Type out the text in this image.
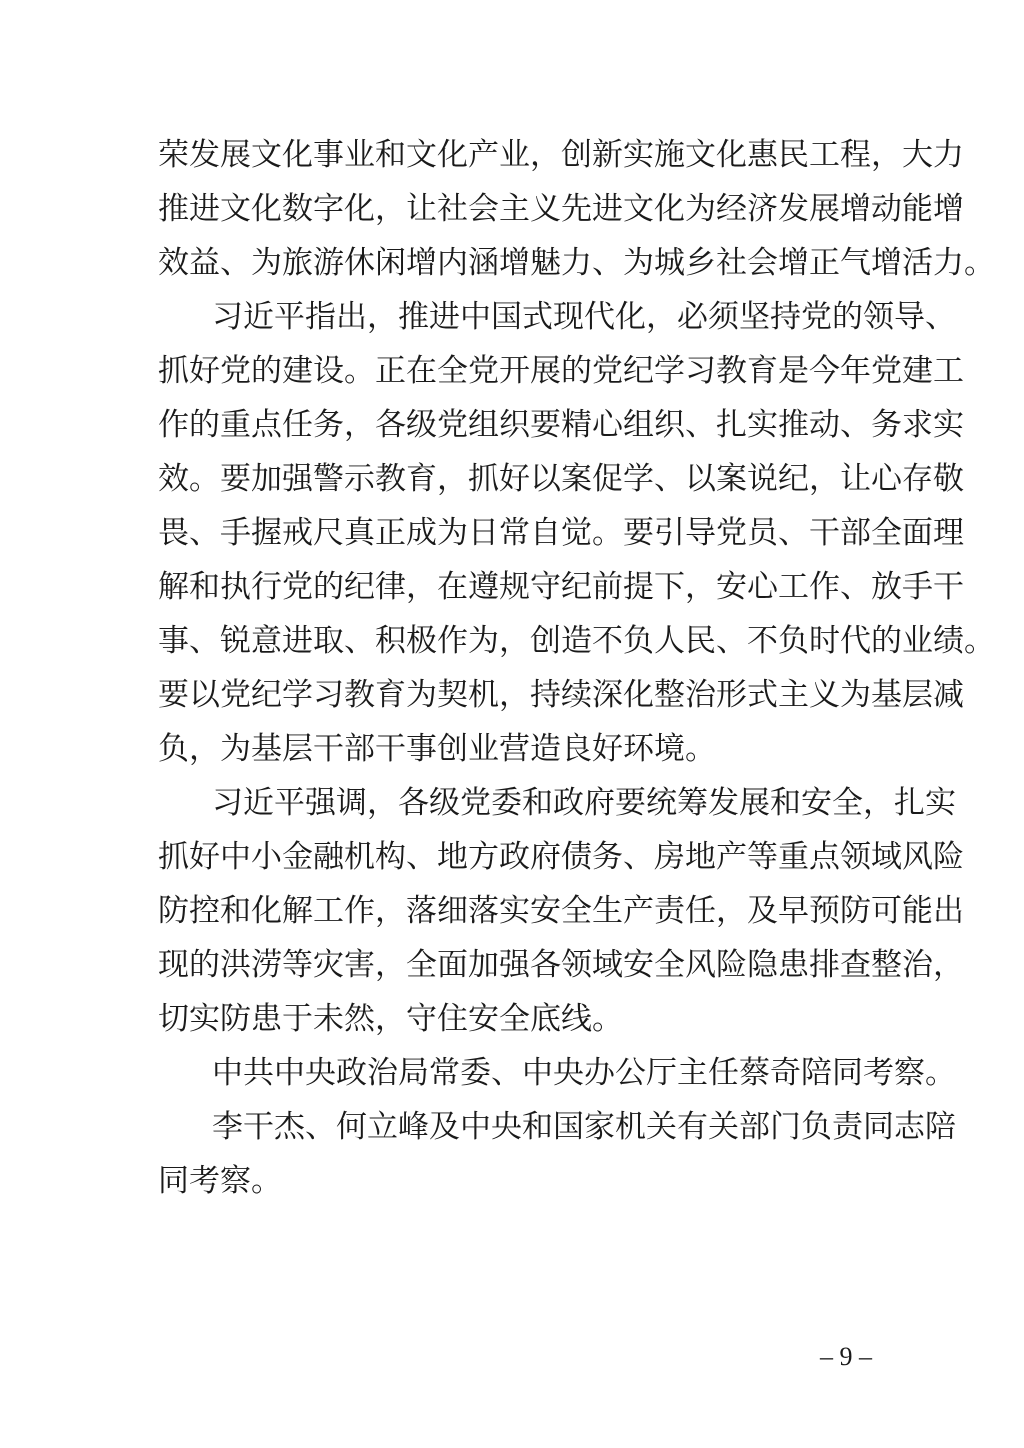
荣发展文化事业和文化产业，创新实施文化惠民工程，大力
推进文化数字化，让社会主义先进文化为经济发展增动能增
效益、为旅游休闲增内涵增魅力、为城乡社会增正气增活力。
习近平指出，推进中国式现代化，必须坚持党的领导、
抓好党的建设。正在全党开展的党纪学习教育是今年党建工
作的重点任务，各级党组织要精心组织、扎实推动、务求实
效。要加强警示教育，抓好以案促学、以案说纪，让心存敬
畏、手握戒尺真正成为日常自觉。要引导党员、干部全面理
解和执行党的纪律，在遵规守纪前提下，安心工作、放手干
事、锐意进取、积极作为，创造不负人民、不负时代的业绩。
要以党纪学习教育为契机，持续深化整治形式主义为基层减
负，为基层干部干事创业营造良好环境。
习近平强调，各级党委和政府要统筹发展和安全，扎实
抓好中小金融机构、地方政府债务、房地产等重点领域风险
防控和化解工作，落细落实安全生产责任，及早预防可能出
现的洪涝等灾害，全面加强各领域安全风险隐患排查整治，
切实防患于未然，守住安全底线。
中共中央政治局常委、中央办公厅主任蔡奇陪同考察。
李干杰、何立峰及中央和国家机关有关部门负责同志陪
同考察。
– 9 –
